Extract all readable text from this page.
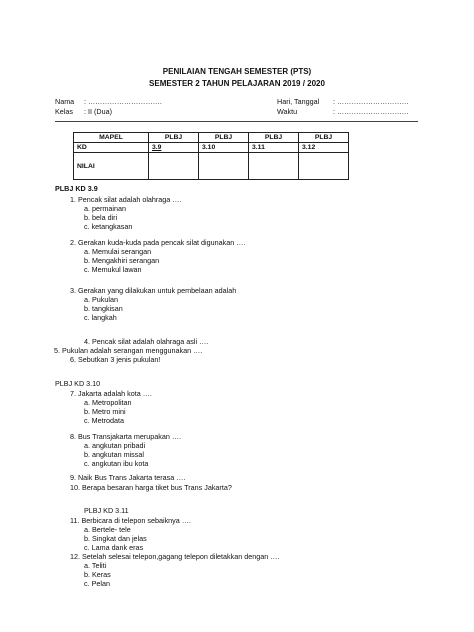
PENILAIAN TENGAH SEMESTER (PTS)
SEMESTER 2 TAHUN PELAJARAN 2019 / 2020
Nama : ………………………….
Kelas : II (Dua)
Hari, Tanggal : …………………………
Waktu	: …………………………
MAPEL	PLBJ	PLBJ	PLBJ	PLBJ
KD	3.9	3.10	3.11	3.12
NILAI				
PLBJ KD 3.9
1. Pencak silat adalah olahraga ….
a. permainan
b. bela diri
c. ketangkasan
2. Gerakan kuda-kuda pada pencak silat digunakan ….
a. Memulai serangan
b. Mengakhiri serangan
c. Memukul lawan
3. Gerakan yang dilakukan untuk pembelaan adalah
a. Pukulan
b. tangkisan
c. langkah
4. Pencak silat adalah olahraga asli ….
5. Pukulan adalah serangan menggunakan ….
6. Sebutkan 3 jenis pukulan!
PLBJ KD 3.10
7. Jakarta adalah kota ….
a. Metropolitan
b. Metro mini
c. Metrodata
8. Bus Transjakarta merupakan ….
a. angkutan pribadi
b. angkutan missal
c. angkutan ibu kota
9. Naik Bus Trans Jakarta terasa ….
10. Berapa besaran harga tiket bus Trans Jakarta?
PLBJ KD 3.11
11. Berbicara di telepon sebaiknya ….
a. Bertele- tele
b. Singkat dan jelas
c. Lama dank eras
12. Setelah selesai telepon,gagang telepon diletakkan dengan ….
a. Teliti
b. Keras
c. Pelan
